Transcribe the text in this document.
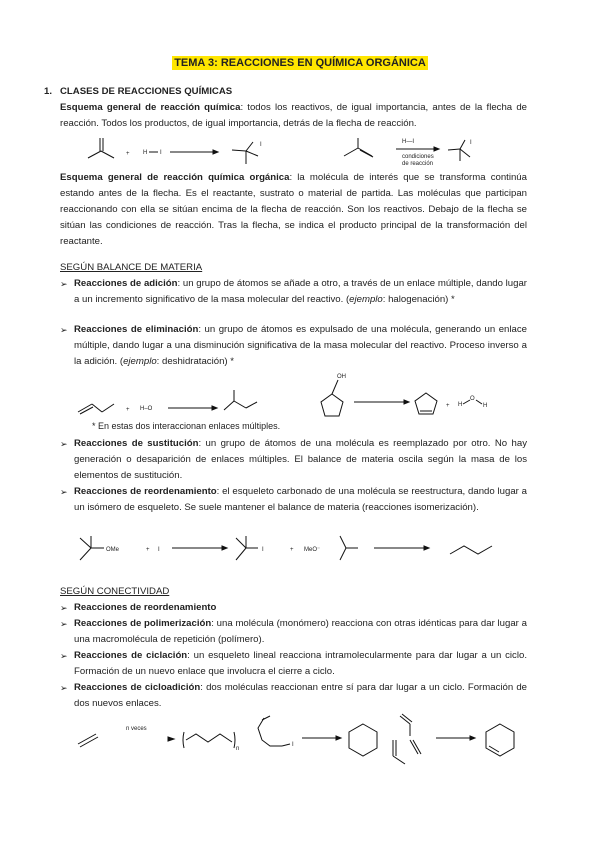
TEMA 3: REACCIONES EN QUÍMICA ORGÁNICA
1. CLASES DE REACCIONES QUÍMICAS
Esquema general de reacción química: todos los reactivos, de igual importancia, antes de la flecha de reacción. Todos los productos, de igual importancia, detrás de la flecha de reacción.
+ H I
I	H—I
condiciones
de reacción
I
Esquema general de reacción química orgánica: la molécula de interés que se transforma continúa estando antes de la flecha. Es el reactante, sustrato o material de partida. Las moléculas que participan reaccionando con ella se sitúan encima de la flecha de reacción. Son los reactivos. Debajo de la flecha se sitúan las condiciones de reacción. Tras la flecha, se indica el producto principal de la transformación del reactante.
SEGÚN BALANCE DE MATERIA
➢ Reacciones de adición: un grupo de átomos se añade a otro, a través de un enlace múltiple, dando lugar a un incremento significativo de la masa molecular del reactivo. (ejemplo: halogenación) *
➢ Reacciones de eliminación: un grupo de átomos es expulsado de una molécula, generando un enlace múltiple, dando lugar a una disminución significativa de la masa molecular del reactivo. Proceso inverso a la adición. (ejemplo: deshidratación) *
+ H–O
OH
+ H
O
H
* En estas dos interaccionan enlaces múltiples.
➢ Reacciones de sustitución: un grupo de átomos de una molécula es reemplazado por otro. No hay generación o desaparición de enlaces múltiples. El balance de materia oscila según la masa de los elementos de sustitución.
➢ Reacciones de reordenamiento: el esqueleto carbonado de una molécula se reestructura, dando lugar a un isómero de esqueleto. Se suele mantener el balance de materia (reacciones isomerización).
OMe	+ I	I	+ MeO⁻
SEGÚN CONECTIVIDAD
➢ Reacciones de reordenamiento
➢ Reacciones de polimerización: una molécula (monómero) reacciona con otras idénticas para dar lugar a una macromolécula de repetición (polímero).
➢ Reacciones de ciclación: un esqueleto lineal reacciona intramolecularmente para dar lugar a un ciclo. Formación de un nuevo enlace que involucra el cierre a ciclo.
➢ Reacciones de cicloadición: dos moléculas reaccionan entre sí para dar lugar a un ciclo. Formación de dos nuevos enlaces.
n veces
n
I
